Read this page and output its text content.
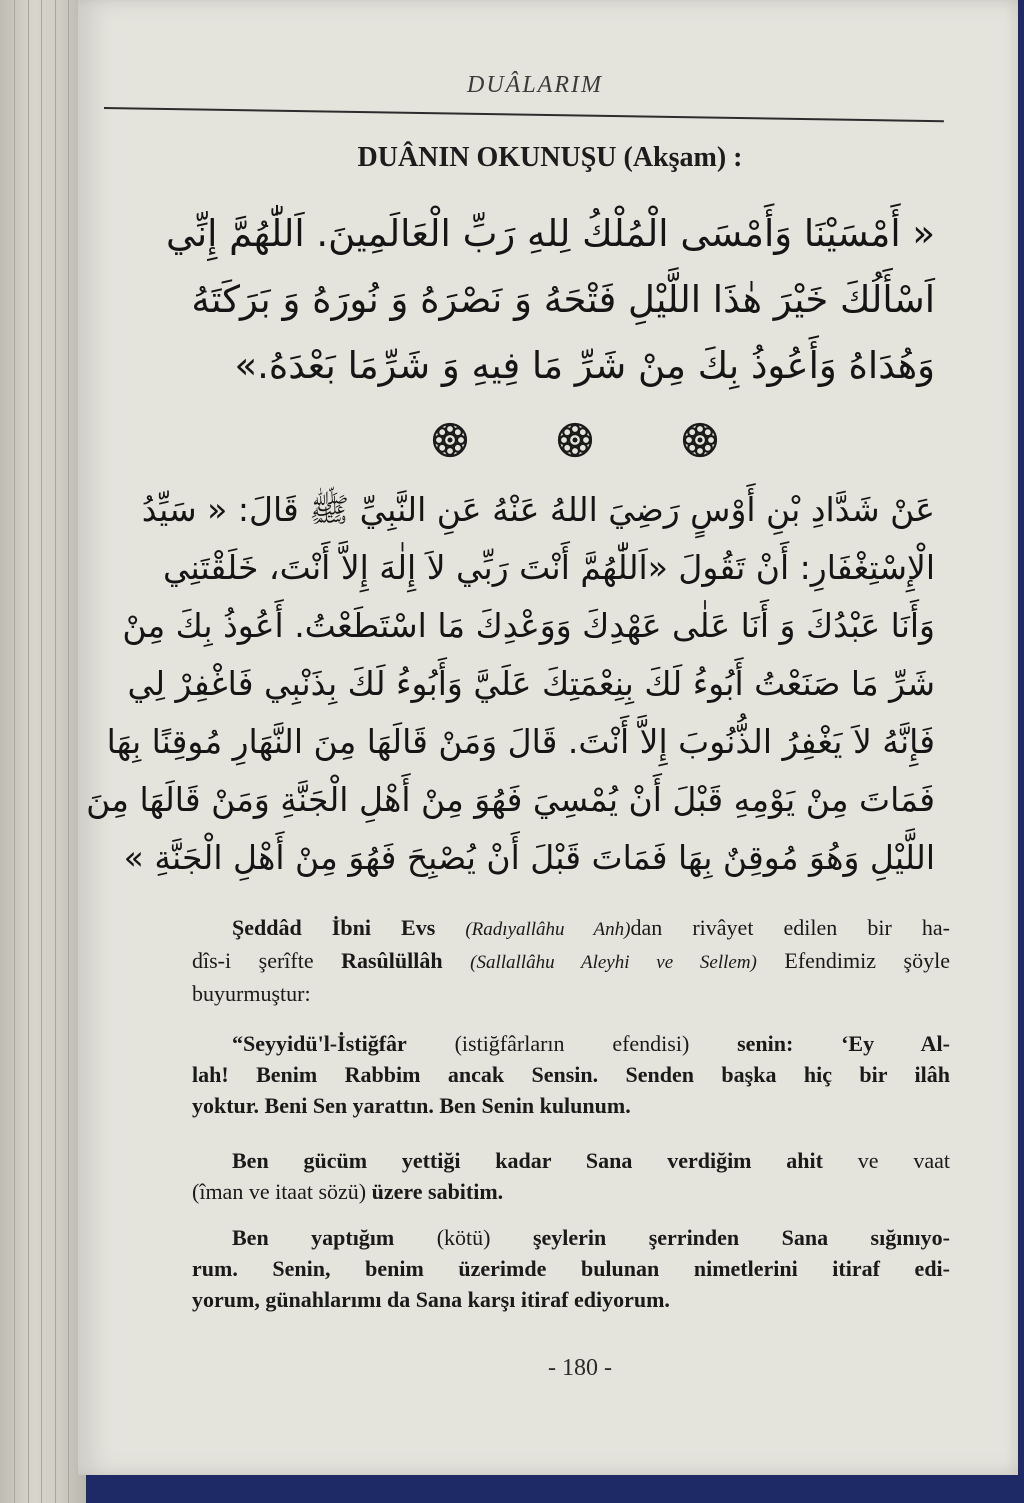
DUÂLARIM
DUÂNIN OKUNUŞU (Akşam) :
« أَمْسَيْنَا وَأَمْسَى الْمُلْكُ لِلهِ رَبِّ الْعَالَمِينَ. اَللّٰهُمَّ إِنِّي
اَسْأَلُكَ خَيْرَ هٰذَا اللَّيْلِ فَتْحَهُ وَ نَصْرَهُ وَ نُورَهُ وَ بَرَكَتَهُ
وَهُدَاهُ وَأَعُوذُ بِكَ مِنْ شَرِّ مَا فِيهِ وَ شَرِّمَا بَعْدَهُ.»
عَنْ شَدَّادِ بْنِ أَوْسٍ رَضِيَ اللهُ عَنْهُ عَنِ النَّبِيِّ ﷺ قَالَ: « سَيِّدُ
الْإِسْتِغْفَارِ: أَنْ تَقُولَ «اَللّٰهُمَّ أَنْتَ رَبِّي لاَ إِلٰهَ إِلاَّ أَنْتَ، خَلَقْتَنِي
وَأَنَا عَبْدُكَ وَ أَنَا عَلٰى عَهْدِكَ وَوَعْدِكَ مَا اسْتَطَعْتُ. أَعُوذُ بِكَ مِنْ
شَرِّ مَا صَنَعْتُ أَبُوءُ لَكَ بِنِعْمَتِكَ عَلَيَّ وَأَبُوءُ لَكَ بِذَنْبِي فَاغْفِرْ لِي
فَإِنَّهُ لاَ يَغْفِرُ الذُّنُوبَ إِلاَّ أَنْتَ. قَالَ وَمَنْ قَالَهَا مِنَ النَّهَارِ مُوقِنًا بِهَا
فَمَاتَ مِنْ يَوْمِهِ قَبْلَ أَنْ يُمْسِيَ فَهُوَ مِنْ أَهْلِ الْجَنَّةِ وَمَنْ قَالَهَا مِنَ
اللَّيْلِ وَهُوَ مُوقِنٌ بِهَا فَمَاتَ قَبْلَ أَنْ يُصْبِحَ فَهُوَ مِنْ أَهْلِ الْجَنَّةِ »
Şeddâd İbni Evs (Radıyallâhu Anh)dan rivâyet edilen bir ha-
dîs-i şerîfte Rasûlüllâh (Sallallâhu Aleyhi ve Sellem) Efendimiz şöyle
buyurmuştur:
“Seyyidü'l-İstiğfâr (istiğfârların efendisi) senin: ‘Ey Al-
lah! Benim Rabbim ancak Sensin. Senden başka hiç bir ilâh
yoktur. Beni Sen yarattın. Ben Senin kulunum.
Ben gücüm yettiği kadar Sana verdiğim ahit ve vaat
(îman ve itaat sözü) üzere sabitim.
Ben yaptığım (kötü) şeylerin şerrinden Sana sığınıyo-
rum. Senin, benim üzerimde bulunan nimetlerini itiraf edi-
yorum, günahlarımı da Sana karşı itiraf ediyorum.
- 180 -
